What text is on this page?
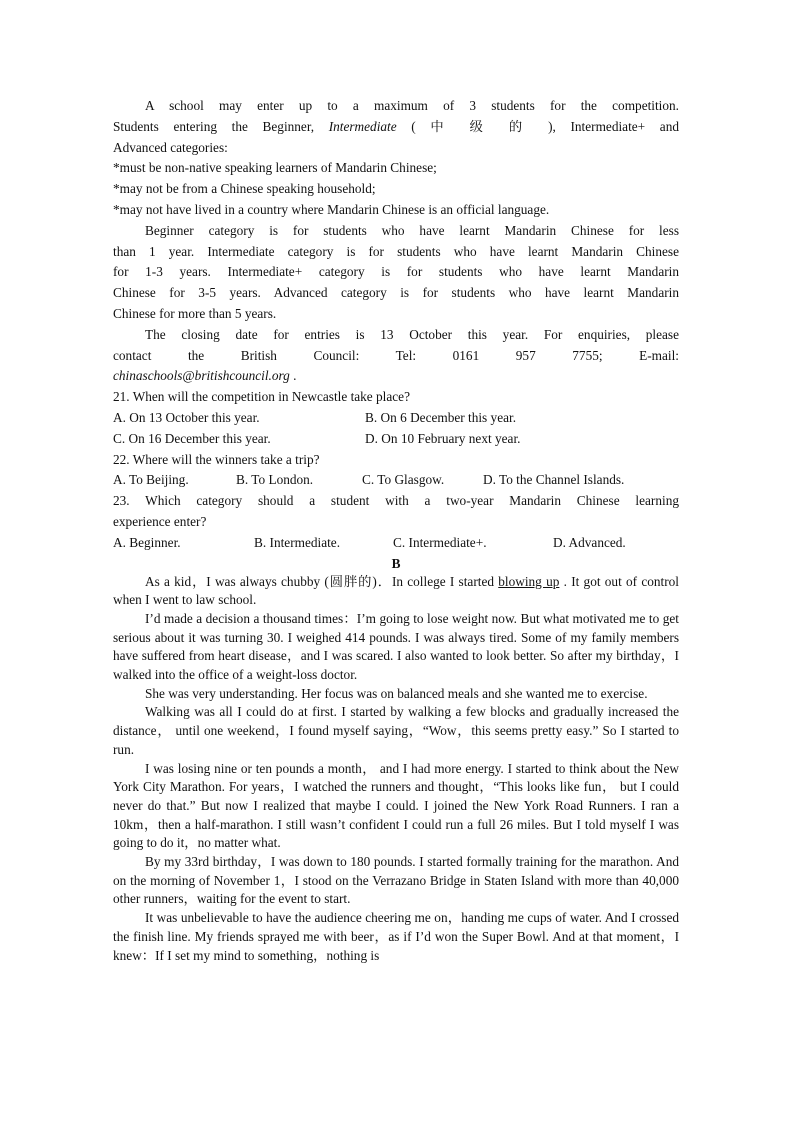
A school may enter up to a maximum of 3 students for the competition.

Students entering the Beginner, Intermediate ( 中 级 的 ), Intermediate+ and

Advanced categories:

*must be non-native speaking learners of Mandarin Chinese;

*may not be from a Chinese speaking household;

*may not have lived in a country where Mandarin Chinese is an official language.

Beginner category is for students who have learnt Mandarin Chinese for less

than 1 year. Intermediate category is for students who have learnt Mandarin Chinese

for 1-3 years. Intermediate+ category is for students who have learnt Mandarin

Chinese for 3-5 years. Advanced category is for students who have learnt Mandarin

Chinese for more than 5 years.

The closing date for entries is 13 October this year. For enquiries, please

contact the British Council: Tel: 0161 957 7755; E-mail:

chinaschools@britishcouncil.org .

21. When will the competition in Newcastle take place?

A. On 13 October this year.	B. On 6 December this year.
C. On 16 December this year.	D. On 10 February next year.

22. Where will the winners take a trip?

A. To Beijing.	B. To London.	C. To Glasgow.	D. To the Channel Islands.

23. Which category should a student with a two-year Mandarin Chinese learning

experience enter?

A. Beginner.	B. Intermediate.	C. Intermediate+.	D. Advanced.

B

As a kid，I was always chubby (圆胖的)．In college I started blowing up . It got out of control when I went to law school.

I’d made a decision a thousand times：I’m going to lose weight now. But what motivated me to get serious about it was turning 30. I weighed 414 pounds. I was always tired. Some of my family members have suffered from heart disease，and I was scared. I also wanted to look better. So after my birthday，I walked into the office of a weight-loss doctor.

She was very understanding. Her focus was on balanced meals and she wanted me to exercise.

Walking was all I could do at first. I started by walking a few blocks and gradually increased the distance， until one weekend，I found myself saying，“Wow，this seems pretty easy.” So I started to run.

I was losing nine or ten pounds a month， and I had more energy. I started to think about the New York City Marathon. For years，I watched the runners and thought，“This looks like fun， but I could never do that.” But now I realized that maybe I could. I joined the New York Road Runners. I ran a 10km，then a half-marathon. I still wasn’t confident I could run a full 26 miles. But I told myself I was going to do it，no matter what.

By my 33rd birthday，I was down to 180 pounds. I started formally training for the marathon. And on the morning of November 1，I stood on the Verrazano Bridge in Staten Island with more than 40,000 other runners，waiting for the event to start.

It was unbelievable to have the audience cheering me on，handing me cups of water. And I crossed the finish line. My friends sprayed me with beer，as if I’d won the Super Bowl. And at that moment，I knew：If I set my mind to something，nothing is
